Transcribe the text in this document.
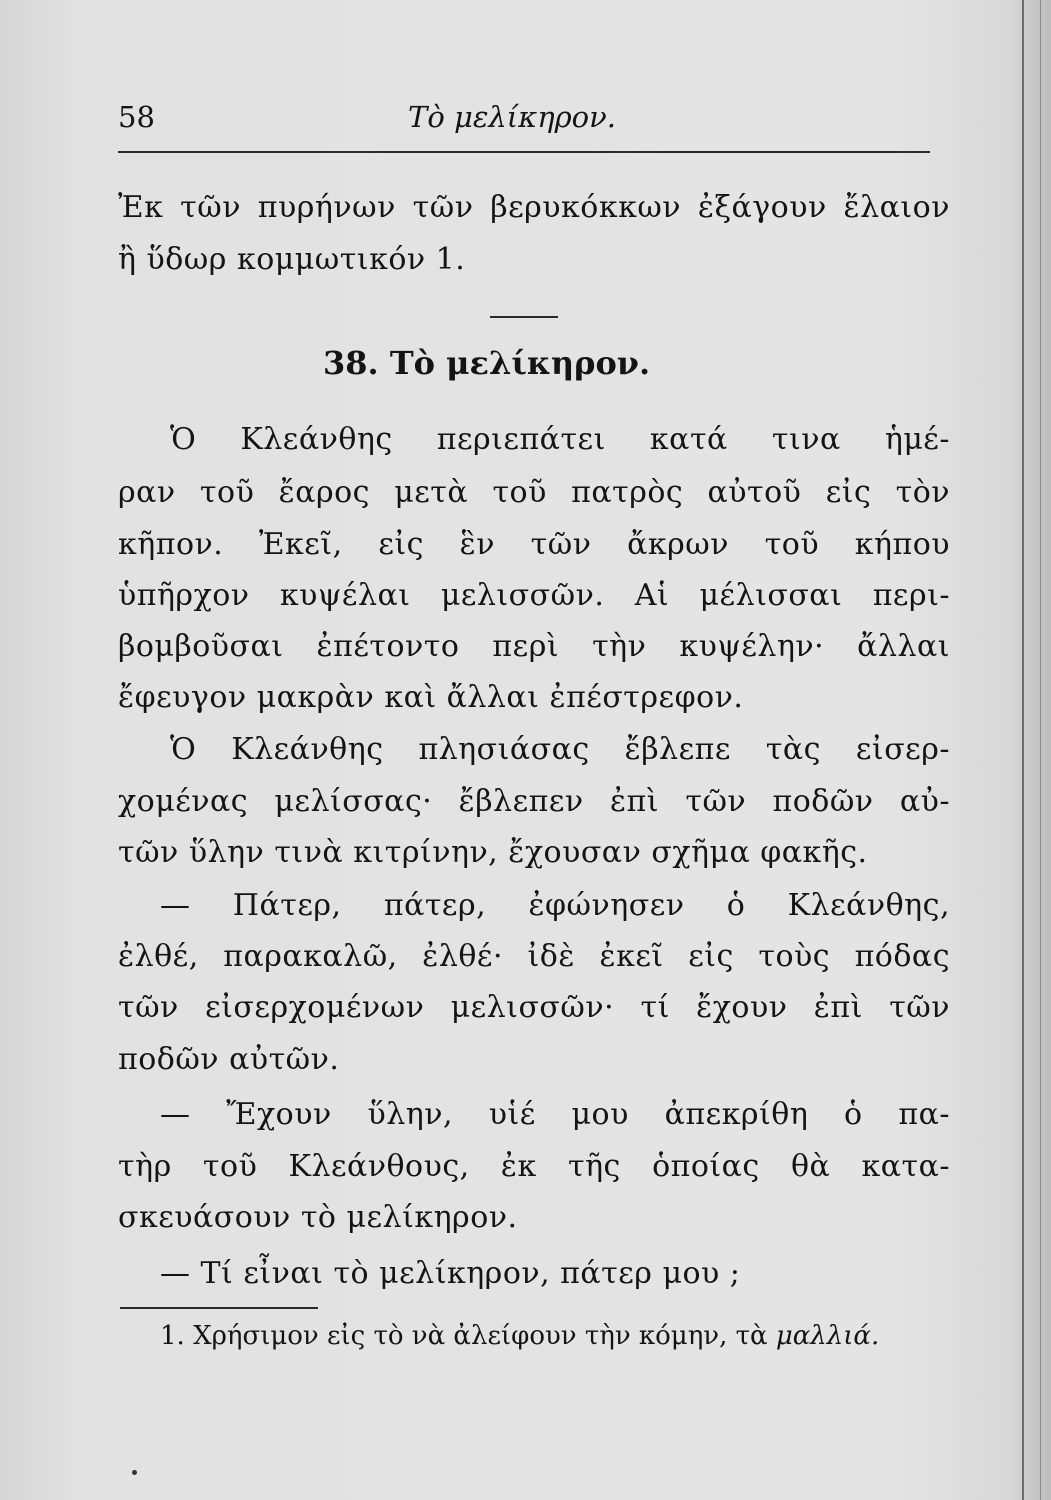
58	Τὸ μελίκηρον.
Ἐκ τῶν πυρήνων τῶν βερυκόκκων ἐξάγουν ἔλαιον
ἢ ὕδωρ κομμωτικόν 1.
38. Τὸ μελίκηρον.
Ὁ Κλεάνθης περιεπάτει κατά τινα ἡμέ-
ραν τοῦ ἔαρος μετὰ τοῦ πατρὸς αὐτοῦ εἰς τὸν
κῆπον. Ἐκεῖ, εἰς ἓν τῶν ἄκρων τοῦ κήπου
ὑπῆρχον κυψέλαι μελισσῶν. Αἱ μέλισσαι περι-
βομβοῦσαι ἐπέτοντο περὶ τὴν κυψέλην· ἄλλαι
ἔφευγον μακρὰν καὶ ἄλλαι ἐπέστρεφον.
Ὁ Κλεάνθης πλησιάσας ἔβλεπε τὰς εἰσερ-
χομένας μελίσσας· ἔβλεπεν ἐπὶ τῶν ποδῶν αὐ-
τῶν ὕλην τινὰ κιτρίνην, ἔχουσαν σχῆμα φακῆς.
— Πάτερ, πάτερ, ἐφώνησεν ὁ Κλεάνθης,
ἐλθέ, παρακαλῶ, ἐλθέ· ἰδὲ ἐκεῖ εἰς τοὺς πόδας
τῶν εἰσερχομένων μελισσῶν· τί ἔχουν ἐπὶ τῶν
ποδῶν αὐτῶν.
— Ἔχουν ὕλην, υἱέ μου ἀπεκρίθη ὁ πα-
τὴρ τοῦ Κλεάνθους, ἐκ τῆς ὁποίας θὰ κατα-
σκευάσουν τὸ μελίκηρον.
— Τί εἶναι τὸ μελίκηρον, πάτερ μου ;
1. Χρήσιμον εἰς τὸ νὰ ἀλείφουν τὴν κόμην, τὰ μαλλιά.
